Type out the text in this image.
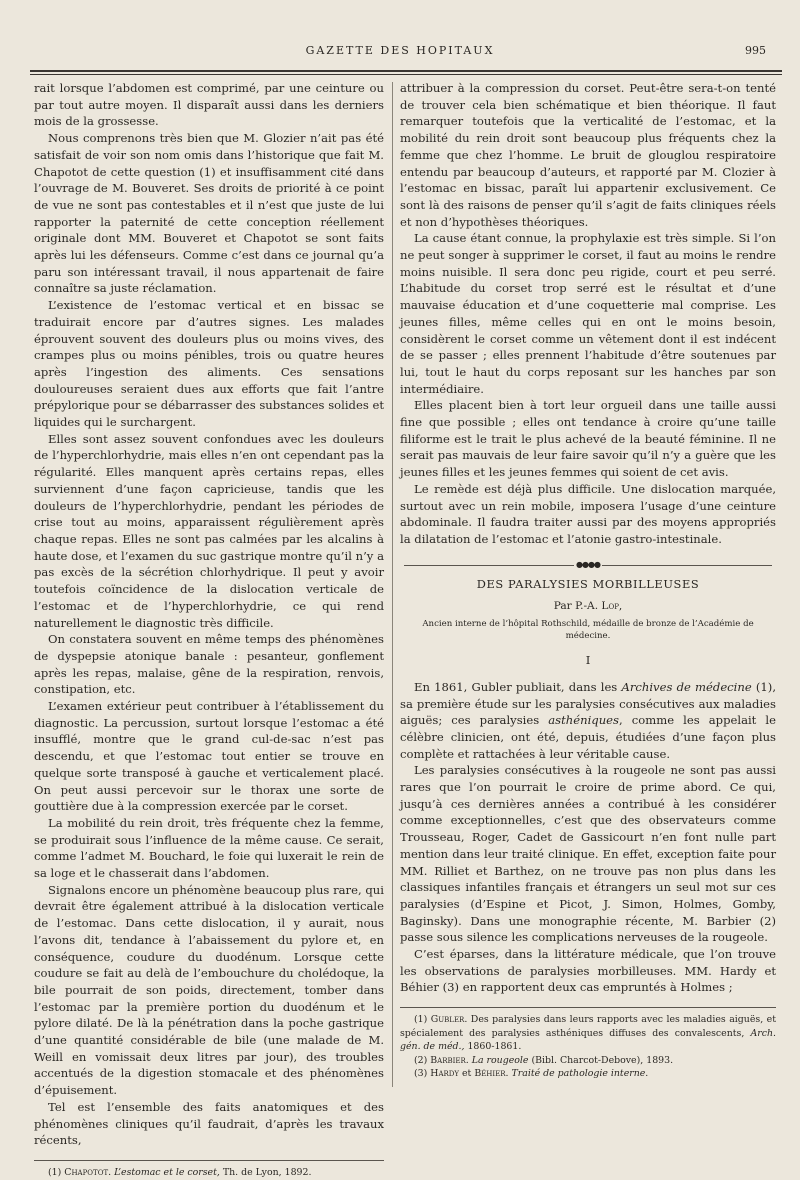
GAZETTE DES HOPITAUX	995

rait lorsque l’abdomen est comprimé, par une ceinture ou par tout autre moyen. Il disparaît aussi dans les derniers mois de la grossesse.

Nous comprenons très bien que M. Glozier n’ait pas été satisfait de voir son nom omis dans l’historique que fait M. Chapotot de cette question (1) et insuffisamment cité dans l’ouvrage de M. Bouveret. Ses droits de priorité à ce point de vue ne sont pas contestables et il n’est que juste de lui rapporter la paternité de cette conception réellement originale dont MM. Bouveret et Chapotot se sont faits après lui les défenseurs. Comme c’est dans ce journal qu’a paru son intéressant travail, il nous appartenait de faire connaître sa juste réclamation.

L’existence de l’estomac vertical et en bissac se traduirait encore par d’autres signes. Les malades éprouvent souvent des douleurs plus ou moins vives, des crampes plus ou moins pénibles, trois ou quatre heures après l’ingestion des aliments. Ces sensations douloureuses seraient dues aux efforts que fait l’antre prépylorique pour se débarrasser des substances solides et liquides qui le surchargent.

Elles sont assez souvent confondues avec les douleurs de l’hyperchlorhydrie, mais elles n’en ont cependant pas la régularité. Elles manquent après certains repas, elles surviennent d’une façon capricieuse, tandis que les douleurs de l’hyperchlorhydrie, pendant les périodes de crise tout au moins, apparaissent régulièrement après chaque repas. Elles ne sont pas calmées par les alcalins à haute dose, et l’examen du suc gastrique montre qu’il n’y a pas excès de la sécrétion chlorhydrique. Il peut y avoir toutefois coïncidence de la dislocation verticale de l’estomac et de l’hyperchlorhydrie, ce qui rend naturellement le diagnostic très difficile.

On constatera souvent en même temps des phénomènes de dyspepsie atonique banale : pesanteur, gonflement après les repas, malaise, gêne de la respiration, renvois, constipation, etc.

L’examen extérieur peut contribuer à l’établissement du diagnostic. La percussion, surtout lorsque l’estomac a été insufflé, montre que le grand cul-de-sac n’est pas descendu, et que l’estomac tout entier se trouve en quelque sorte transposé à gauche et verticalement placé. On peut aussi percevoir sur le thorax une sorte de gouttière due à la compression exercée par le corset.

La mobilité du rein droit, très fréquente chez la femme, se produirait sous l’influence de la même cause. Ce serait, comme l’admet M. Bouchard, le foie qui luxerait le rein de sa loge et le chasserait dans l’abdomen.

Signalons encore un phénomène beaucoup plus rare, qui devrait être également attribué à la dislocation verticale de l’estomac. Dans cette dislocation, il y aurait, nous l’avons dit, tendance à l’abaissement du pylore et, en conséquence, coudure du duodénum. Lorsque cette coudure se fait au delà de l’embouchure du cholédoque, la bile pourrait de son poids, directement, tomber dans l’estomac par la première portion du duodénum et le pylore dilaté. De là la pénétration dans la poche gastrique d’une quantité considérable de bile (une malade de M. Weill en vomissait deux litres par jour), des troubles accentués de la digestion stomacale et des phénomènes d’épuisement.

Tel est l’ensemble des faits anatomiques et des phénomènes cliniques qu’il faudrait, d’après les travaux récents,

(1) Chapotot. L’estomac et le corset, Th. de Lyon, 1892.

attribuer à la compression du corset. Peut-être sera-t-on tenté de trouver cela bien schématique et bien théorique. Il faut remarquer toutefois que la verticalité de l’estomac, et la mobilité du rein droit sont beaucoup plus fréquents chez la femme que chez l’homme. Le bruit de glouglou respiratoire entendu par beaucoup d’auteurs, et rapporté par M. Clozier à l’estomac en bissac, paraît lui appartenir exclusivement. Ce sont là des raisons de penser qu’il s’agit de faits cliniques réels et non d’hypothèses théoriques.

La cause étant connue, la prophylaxie est très simple. Si l’on ne peut songer à supprimer le corset, il faut au moins le rendre moins nuisible. Il sera donc peu rigide, court et peu serré. L’habitude du corset trop serré est le résultat et d’une mauvaise éducation et d’une coquetterie mal comprise. Les jeunes filles, même celles qui en ont le moins besoin, considèrent le corset comme un vêtement dont il est indécent de se passer ; elles prennent l’habitude d’être soutenues par lui, tout le haut du corps reposant sur les hanches par son intermédiaire.

Elles placent bien à tort leur orgueil dans une taille aussi fine que possible ; elles ont tendance à croire qu’une taille filiforme est le trait le plus achevé de la beauté féminine. Il ne serait pas mauvais de leur faire savoir qu’il n’y a guère que les jeunes filles et les jeunes femmes qui soient de cet avis.

Le remède est déjà plus difficile. Une dislocation marquée, surtout avec un rein mobile, imposera l’usage d’une ceinture abdominale. Il faudra traiter aussi par des moyens appropriés la dilatation de l’estomac et l’atonie gastro-intestinale.

●●●●
DES PARALYSIES MORBILLEUSES
Par P.-A. Lop,
Ancien interne de l’hôpital Rothschild, médaille de bronze de l’Académie de médecine.
I

En 1861, Gubler publiait, dans les Archives de médecine (1), sa première étude sur les paralysies consécutives aux maladies aiguës; ces paralysies asthéniques, comme les appelait le célèbre clinicien, ont été, depuis, étudiées d’une façon plus complète et rattachées à leur véritable cause.

Les paralysies consécutives à la rougeole ne sont pas aussi rares que l’on pourrait le croire de prime abord. Ce qui, jusqu’à ces dernières années a contribué à les considérer comme exceptionnelles, c’est que des observateurs comme Trousseau, Roger, Cadet de Gassicourt n’en font nulle part mention dans leur traité clinique. En effet, exception faite pour MM. Rilliet et Barthez, on ne trouve pas non plus dans les classiques infantiles français et étrangers un seul mot sur ces paralysies (d’Espine et Picot, J. Simon, Holmes, Gomby, Baginsky). Dans une monographie récente, M. Barbier (2) passe sous silence les complications nerveuses de la rougeole.

C’est éparses, dans la littérature médicale, que l’on trouve les observations de paralysies morbilleuses. MM. Hardy et Béhier (3) en rapportent deux cas empruntés à Holmes ;

(1) Gubler. Des paralysies dans leurs rapports avec les maladies aiguës, et spécialement des paralysies asthéniques diffuses des convalescents, Arch. gén. de méd., 1860-1861.

(2) Barbier. La rougeole (Bibl. Charcot-Debove), 1893.

(3) Hardy et Béhier. Traité de pathologie interne.
